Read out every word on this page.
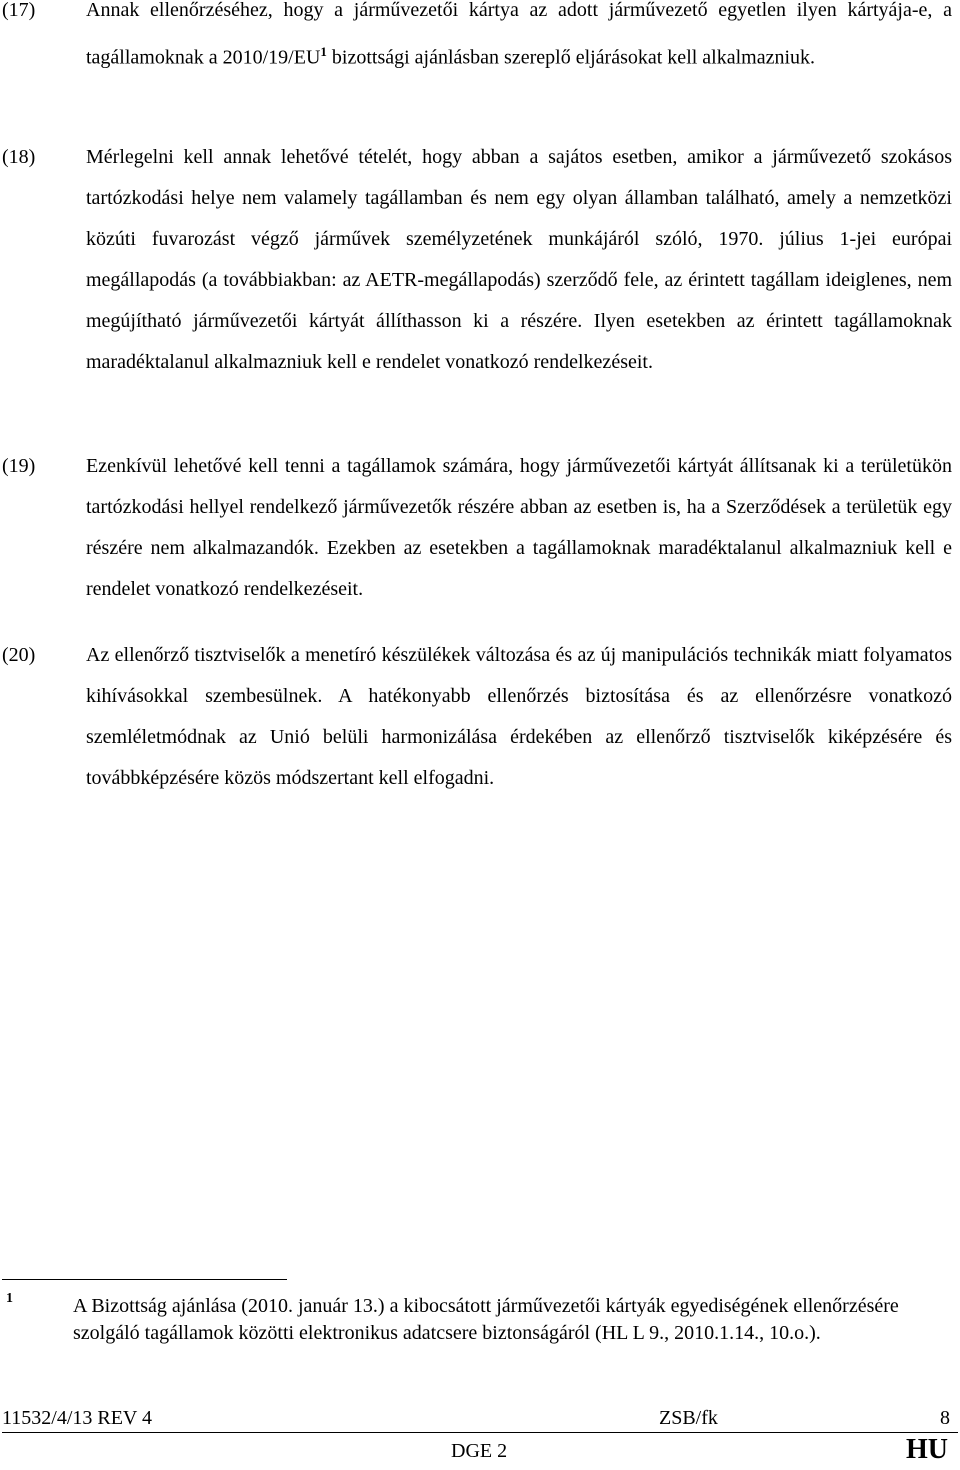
(17)	Annak ellenőrzéséhez, hogy a járművezetői kártya az adott járművezető egyetlen ilyen kártyája-e, a tagállamoknak a $2010/19/EU^1$ bizottsági ajánlásban szereplő eljárásokat kell alkalmazniuk.
(18)	Mérlegelni kell annak lehetővé tételét, hogy abban a sajátos esetben, amikor a járművezető szokásos tartózkodási helye nem valamely tagállamban és nem egy olyan államban található, amely a nemzetközi közúti fuvarozást végző járművek személyzetének munkájáról szóló, 1970. július 1-jei európai megállapodás (a továbbiakban: az AETR-megállapodás) szerződő fele, az érintett tagállam ideiglenes, nem megújítható járművezetői kártyát állíthasson ki a részére. Ilyen esetekben az érintett tagállamoknak maradéktalanul alkalmazniuk kell e rendelet vonatkozó rendelkezéseit.
(19)	Ezenkívül lehetővé kell tenni a tagállamok számára, hogy járművezetői kártyát állítsanak ki a területükön tartózkodási hellyel rendelkező járművezetők részére abban az esetben is, ha a Szerződések a területük egy részére nem alkalmazandók. Ezekben az esetekben a tagállamoknak maradéktalanul alkalmazniuk kell e rendelet vonatkozó rendelkezéseit.
(20)	Az ellenőrző tisztviselők a menetíró készülékek változása és az új manipulációs technikák miatt folyamatos kihívásokkal szembesülnek. A hatékonyabb ellenőrzés biztosítása és az ellenőrzésre vonatkozó szemléletmódnak az Unió belüli harmonizálása érdekében az ellenőrző tisztviselők kiképzésére és továbbképzésére közös módszertant kell elfogadni.
1	A Bizottság ajánlása (2010. január 13.) a kibocsátott járművezetői kártyák egyediségének ellenőrzésére szolgáló tagállamok közötti elektronikus adatcsere biztonságáról (HL L 9., 2010.1.14., 10.o.).
11532/4/13 REV 4	ZSB/fk	8
DGE 2	HU
